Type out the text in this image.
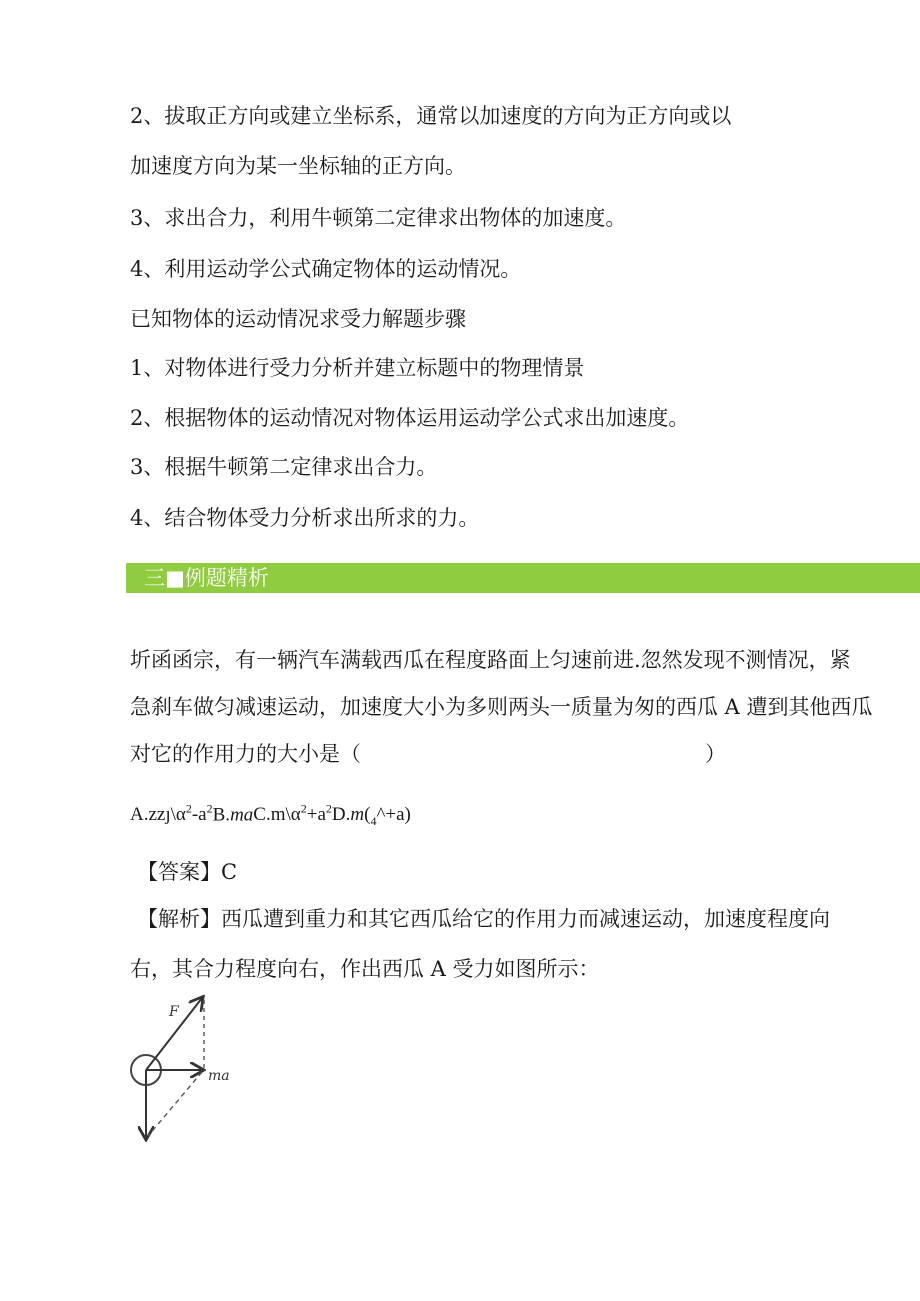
2、拔取正方向或建立坐标系，通常以加速度的方向为正方向或以
加速度方向为某一坐标轴的正方向。
3、求出合力，利用牛顿第二定律求出物体的加速度。
4、利用运动学公式确定物体的运动情况。
已知物体的运动情况求受力解题步骤
1、对物体进行受力分析并建立标题中的物理情景
2、根据物体的运动情况对物体运用运动学公式求出加速度。
3、根据牛顿第二定律求出合力。
4、结合物体受力分析求出所求的力。
三■例题精析
圻函函宗，有一辆汽车满载西瓜在程度路面上匀速前进.忽然发现不测情况，紧
急刹车做匀减速运动，加速度大小为多则两头一质量为匆的西瓜 A 遭到其他西瓜
对它的作用力的大小是（	）
$A.zzȷ\backslash\alpha^2-a^2B.maC.m\backslash\alpha^2+a^2D.m(_4\^{}+a)$
【答案】C
【解析】西瓜遭到重力和其它西瓜给它的作用力而减速运动，加速度程度向
右，其合力程度向右，作出西瓜 A 受力如图所示：
F
ma
